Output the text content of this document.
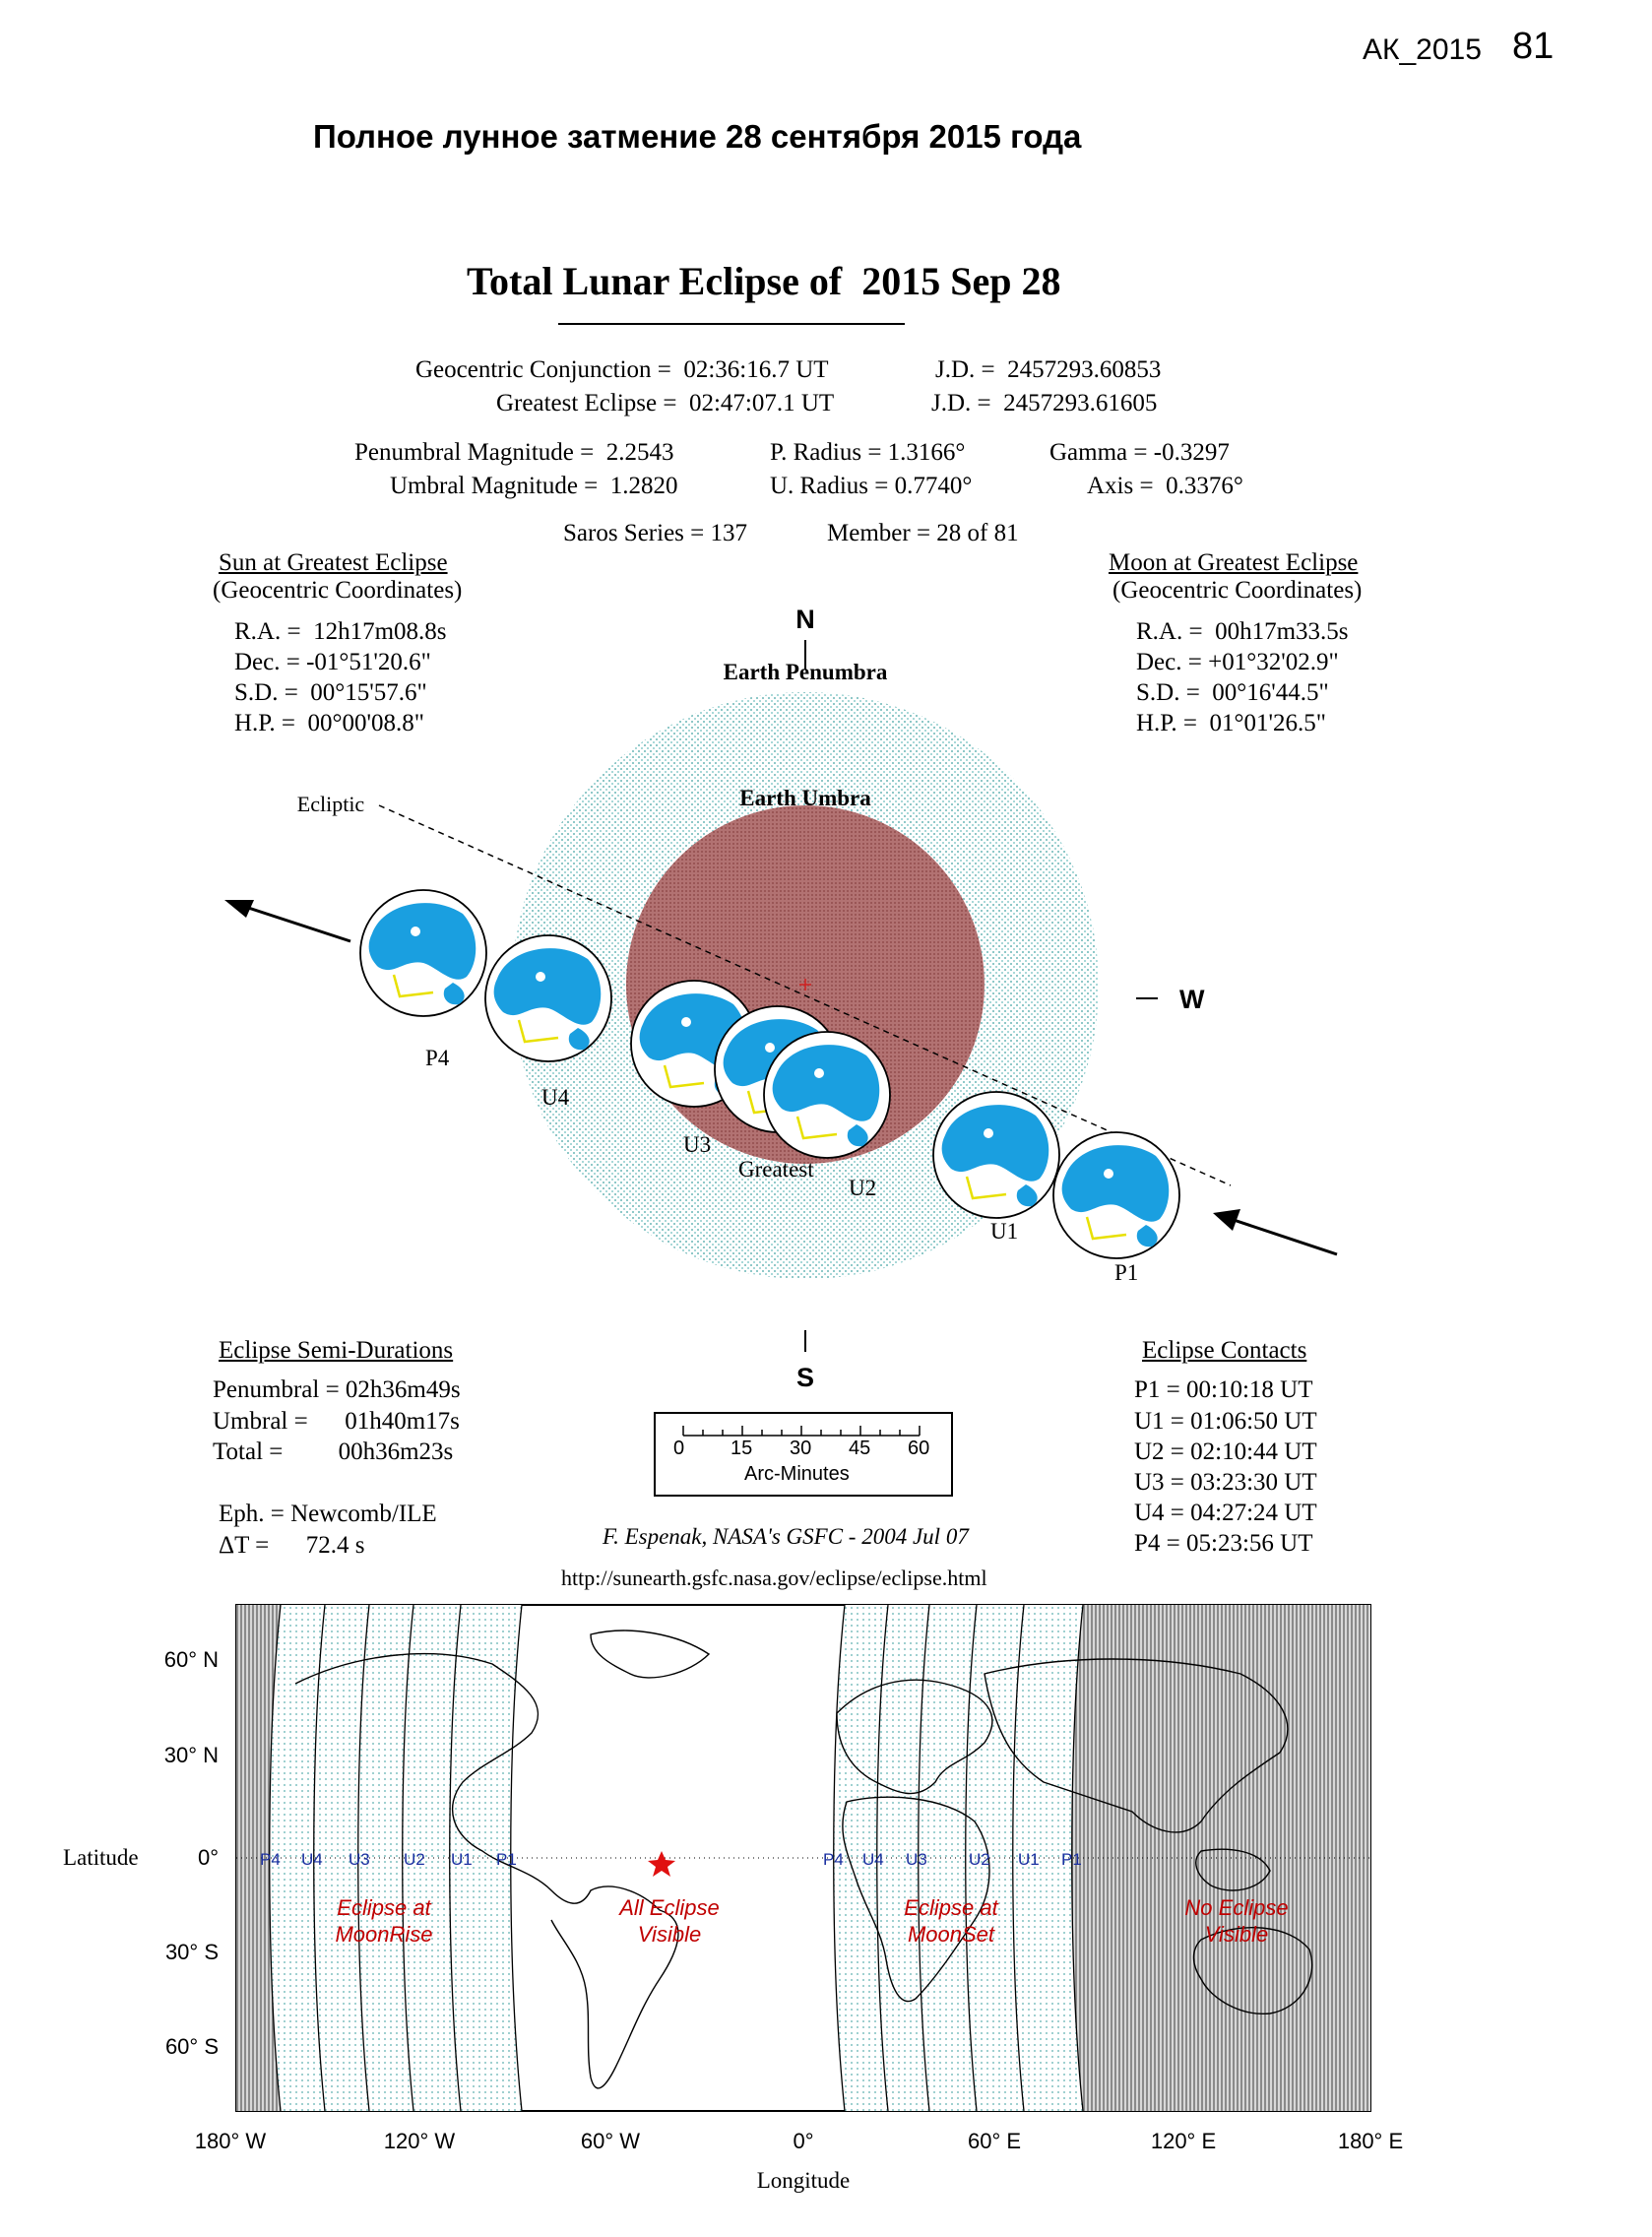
АК_2015 81
Полное лунное затмение 28 сентября 2015 года
Total Lunar Eclipse of  2015 Sep 28
Geocentric Conjunction =  02:36:16.7 UT	J.D. =  2457293.60853
Greatest Eclipse =  02:47:07.1 UT	J.D. =  2457293.61605
Penumbral Magnitude =  2.2543	P. Radius = 1.3166°	Gamma = -0.3297
Umbral Magnitude =  1.2820	U. Radius = 0.7740°	Axis =  0.3376°
Saros Series = 137	Member = 28 of 81
Sun at Greatest Eclipse
(Geocentric Coordinates)
R.A. =  12h17m08.8s
Dec. = -01°51'20.6"
S.D. =  00°15'57.6"
H.P. =  00°00'08.8"
Moon at Greatest Eclipse
(Geocentric Coordinates)
R.A. =  00h17m33.5s
Dec. = +01°32'02.9"
S.D. =  00°16'44.5"
H.P. =  01°01'26.5"
N
S
W
Earth Penumbra
Earth Umbra
Ecliptic
P4
U4
U3
Greatest
U2
U1
P1
Eclipse Semi-Durations
Penumbral = 02h36m49s
Umbral =      01h40m17s
Total =         00h36m23s
Eph. = Newcomb/ILE
ΔT =      72.4 s

0

15

30

45

60

Arc-Minutes
Eclipse Contacts
P1 = 00:10:18 UT
U1 = 01:06:50 UT
U2 = 02:10:44 UT
U3 = 03:23:30 UT
U4 = 04:27:24 UT
P4 = 05:23:56 UT
F. Espenak, NASA's GSFC - 2004 Jul 07
http://sunearth.gsfc.nasa.gov/eclipse/eclipse.html
P4 U4 U3 U2 U1 P1	P4 U4 U3 U2 U1 P1
Eclipse at
MoonRise
All Eclipse
Visible
Eclipse at
MoonSet
No Eclipse
Visible
60° N
30° N
0°
30° S
60° S
Latitude
180° W	120° W	60° W	0°	60° E	120° E	180° E
Longitude
